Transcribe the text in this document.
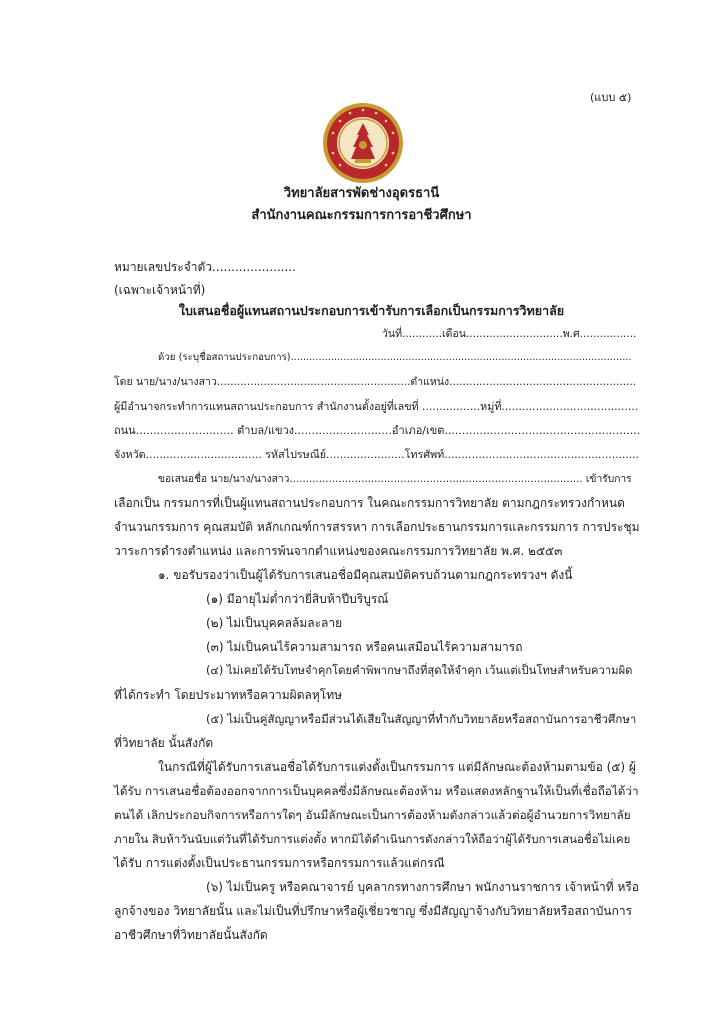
(แบบ ๕)
วิทยาลัยสารพัดช่างอุดรธานี
สำนักงานคณะกรรมการการอาชีวศึกษา
หมายเลขประจำตัว......................
(เฉพาะเจ้าหน้าที่)
ใบเสนอชื่อผู้แทนสถานประกอบการเข้ารับการเลือกเป็นกรรมการวิทยาลัย
วันที่............เดือน.............................พ.ศ.................
ด้วย (ระบุชื่อสถานประกอบการ)..............................................................................................................
โดย นาย/นาง/นางสาว..........................................................ตำแหน่ง........................................................
ผู้มีอำนาจกระทำการแทนสถานประกอบการ สำนักงานตั้งอยู่ที่เลขที่ .................หมู่ที่........................................
ถนน............................ ตำบล/แขวง............................อำเภอ/เขต........................................................
จังหวัด.................................. รหัสไปรษณีย์.......................โทรศัพท์.........................................................
ขอเสนอชื่อ นาย/นาง/นางสาว.......................................................................................... เข้ารับการ
เลือกเป็น กรรมการที่เป็นผู้แทนสถานประกอบการ ในคณะกรรมการวิทยาลัย ตามกฎกระทรวงกำหนด
จำนวนกรรมการ คุณสมบัติ หลักเกณฑ์การสรรหา การเลือกประธานกรรมการและกรรมการ การประชุม
วาระการดำรงตำแหน่ง และการพ้นจากตำแหน่งของคณะกรรมการวิทยาลัย พ.ศ. ๒๕๕๓
๑. ขอรับรองว่าเป็นผู้ได้รับการเสนอชื่อมีคุณสมบัติครบถ้วนตามกฎกระทรวงฯ ดังนี้
(๑) มีอายุไม่ต่ำกว่ายี่สิบห้าปีบริบูรณ์
(๒) ไม่เป็นบุคคลล้มละลาย
(๓) ไม่เป็นคนไร้ความสามารถ หรือคนเสมือนไร้ความสามารถ
(๔) ไม่เคยได้รับโทษจำคุกโดยคำพิพากษาถึงที่สุดให้จำคุก เว้นแต่เป็นโทษสำหรับความผิด
ที่ได้กระทำ โดยประมาทหรือความผิดลหุโทษ
(๕) ไม่เป็นคู่สัญญาหรือมีส่วนได้เสียในสัญญาที่ทำกับวิทยาลัยหรือสถาบันการอาชีวศึกษา
ที่วิทยาลัย นั้นสังกัด
ในกรณีที่ผู้ได้รับการเสนอชื่อได้รับการแต่งตั้งเป็นกรรมการ แต่มีลักษณะต้องห้ามตามข้อ (๕) ผู้
ได้รับ การเสนอชื่อต้องออกจากการเป็นบุคคลซึ่งมีลักษณะต้องห้าม หรือแสดงหลักฐานให้เป็นที่เชื่อถือได้ว่า
ตนได้ เลิกประกอบกิจการหรือการใดๆ อันมีลักษณะเป็นการต้องห้ามดังกล่าวแล้วต่อผู้อำนวยการวิทยาลัย
ภายใน สิบห้าวันนับแต่วันที่ได้รับการแต่งตั้ง หากมิได้ดำเนินการดังกล่าวให้ถือว่าผู้ได้รับการเสนอชื่อไม่เคย
ได้รับ การแต่งตั้งเป็นประธานกรรมการหรือกรรมการแล้วแต่กรณี
(๖) ไม่เป็นครู หรือคณาจารย์ บุคลากรทางการศึกษา พนักงานราชการ เจ้าหน้าที่ หรือ
ลูกจ้างของ วิทยาลัยนั้น และไม่เป็นที่ปรึกษาหรือผู้เชี่ยวชาญ ซึ่งมีสัญญาจ้างกับวิทยาลัยหรือสถาบันการ
อาชีวศึกษาที่วิทยาลัยนั้นสังกัด
